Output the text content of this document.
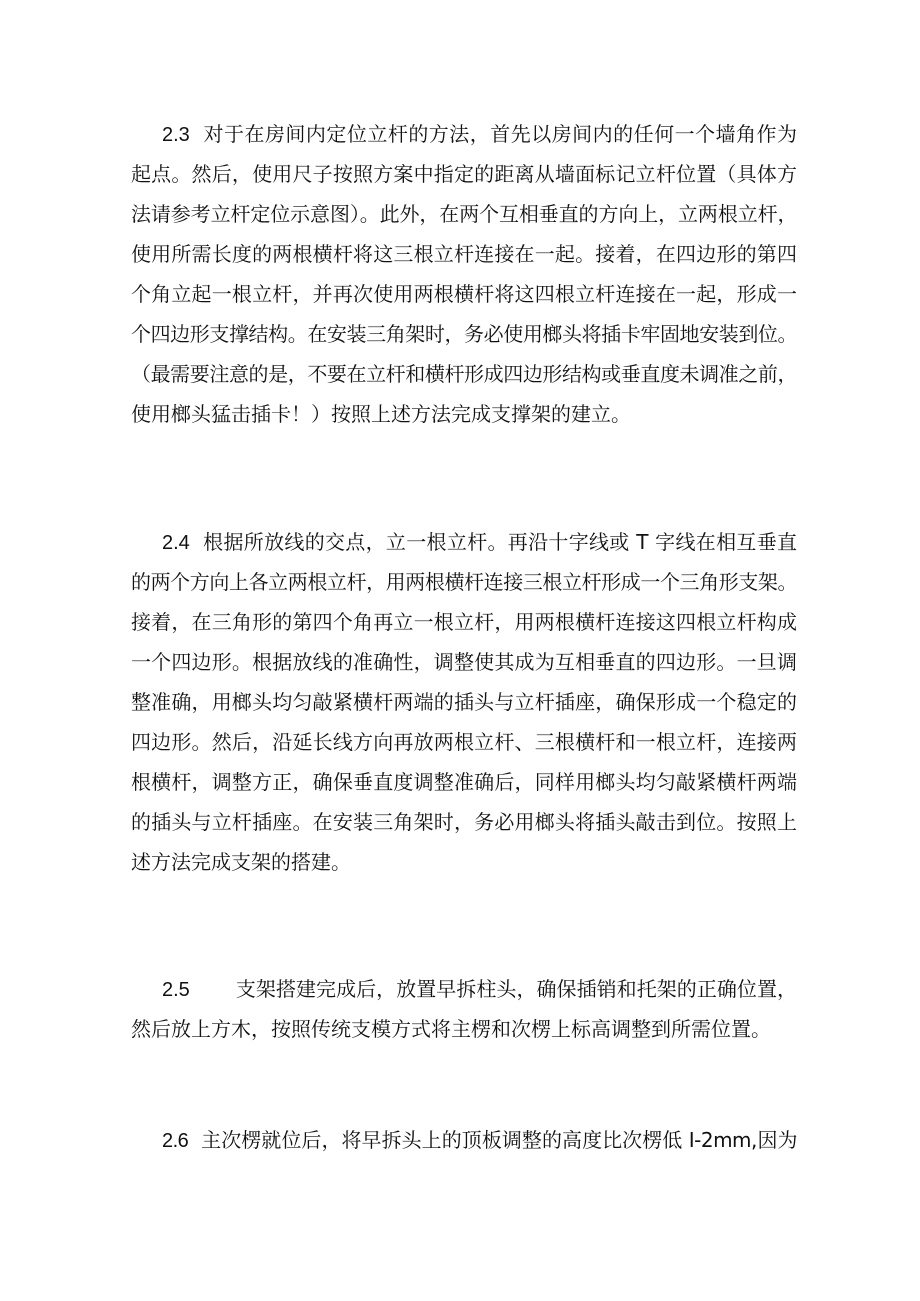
2.3 对于在房间内定位立杆的方法，首先以房间内的任何一个墙角作为
起点。然后，使用尺子按照方案中指定的距离从墙面标记立杆位置（具体方
法请参考立杆定位示意图）。此外，在两个互相垂直的方向上，立两根立杆，
使用所需长度的两根横杆将这三根立杆连接在一起。接着，在四边形的第四
个角立起一根立杆，并再次使用两根横杆将这四根立杆连接在一起，形成一
个四边形支撑结构。在安装三角架时，务必使用榔头将插卡牢固地安装到位。
（最需要注意的是，不要在立杆和横杆形成四边形结构或垂直度未调准之前，
使用榔头猛击插卡！）按照上述方法完成支撑架的建立。
2.4 根据所放线的交点，立一根立杆。再沿十字线或 T 字线在相互垂直
的两个方向上各立两根立杆，用两根横杆连接三根立杆形成一个三角形支架。
接着，在三角形的第四个角再立一根立杆，用两根横杆连接这四根立杆构成
一个四边形。根据放线的准确性，调整使其成为互相垂直的四边形。一旦调
整准确，用榔头均匀敲紧横杆两端的插头与立杆插座，确保形成一个稳定的
四边形。然后，沿延长线方向再放两根立杆、三根横杆和一根立杆，连接两
根横杆，调整方正，确保垂直度调整准确后，同样用榔头均匀敲紧横杆两端
的插头与立杆插座。在安装三角架时，务必用榔头将插头敲击到位。按照上
述方法完成支架的搭建。
2.5 支架搭建完成后，放置早拆柱头，确保插销和托架的正确位置，
然后放上方木，按照传统支模方式将主楞和次楞上标高调整到所需位置。
2.6 主次楞就位后，将早拆头上的顶板调整的高度比次楞低 I-2mm,因为
